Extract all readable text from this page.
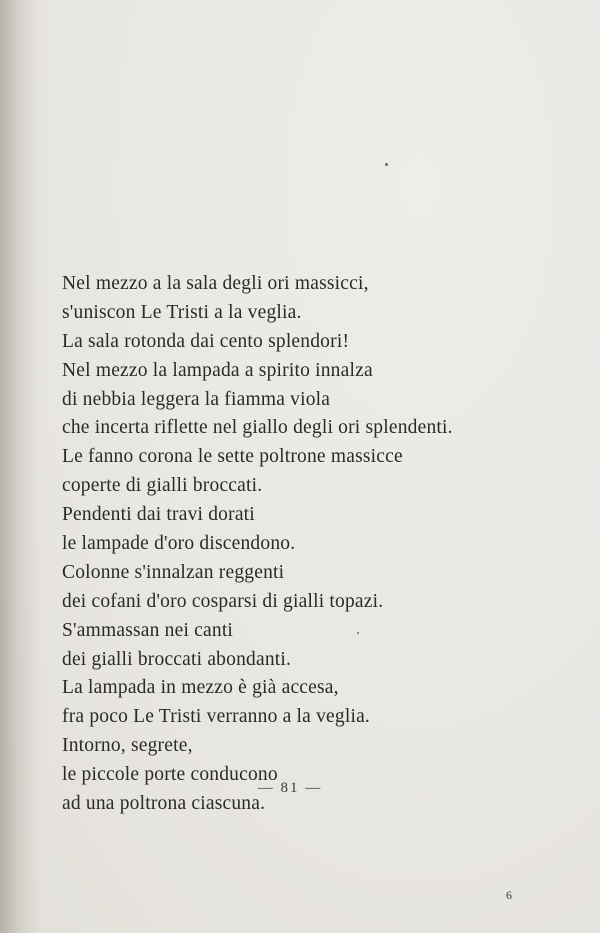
Nel mezzo a la sala degli ori massicci,
s'uniscon Le Tristi a la veglia.
La sala rotonda dai cento splendori!
Nel mezzo la lampada a spirito innalza
di nebbia leggera la fiamma viola
che incerta riflette nel giallo degli ori splendenti.
Le fanno corona le sette poltrone massicce
coperte di gialli broccati.
Pendenti dai travi dorati
le lampade d'oro discendono.
Colonne s'innalzan reggenti
dei cofani d'oro cosparsi di gialli topazi.
S'ammassan nei canti
dei gialli broccati abondanti.
La lampada in mezzo è già accesa,
fra poco Le Tristi verranno a la veglia.
Intorno, segrete,
le piccole porte conducono
ad una poltrona ciascuna.
— 81 —
6
